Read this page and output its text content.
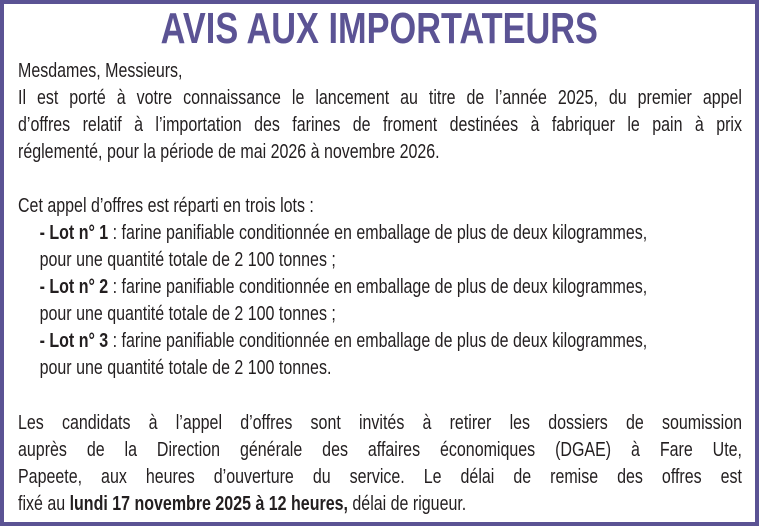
AVIS AUX IMPORTATEURS
Mesdames, Messieurs,
Il est porté à votre connaissance le lancement au titre de l’année 2025, du premier appel
d’offres relatif à l’importation des farines de froment destinées à fabriquer le pain à prix
réglementé, pour la période de mai 2026 à novembre 2026.
Cet appel d’offres est réparti en trois lots :
- Lot n° 1 : farine panifiable conditionnée en emballage de plus de deux kilogrammes,
pour une quantité totale de 2 100 tonnes ;
- Lot n° 2 : farine panifiable conditionnée en emballage de plus de deux kilogrammes,
pour une quantité totale de 2 100 tonnes ;
- Lot n° 3 : farine panifiable conditionnée en emballage de plus de deux kilogrammes,
pour une quantité totale de 2 100 tonnes.
Les candidats à l’appel d’offres sont invités à retirer les dossiers de soumission
auprès de la Direction générale des affaires économiques (DGAE) à Fare Ute,
Papeete, aux heures d’ouverture du service. Le délai de remise des offres est
fixé au lundi 17 novembre 2025 à 12 heures, délai de rigueur.
